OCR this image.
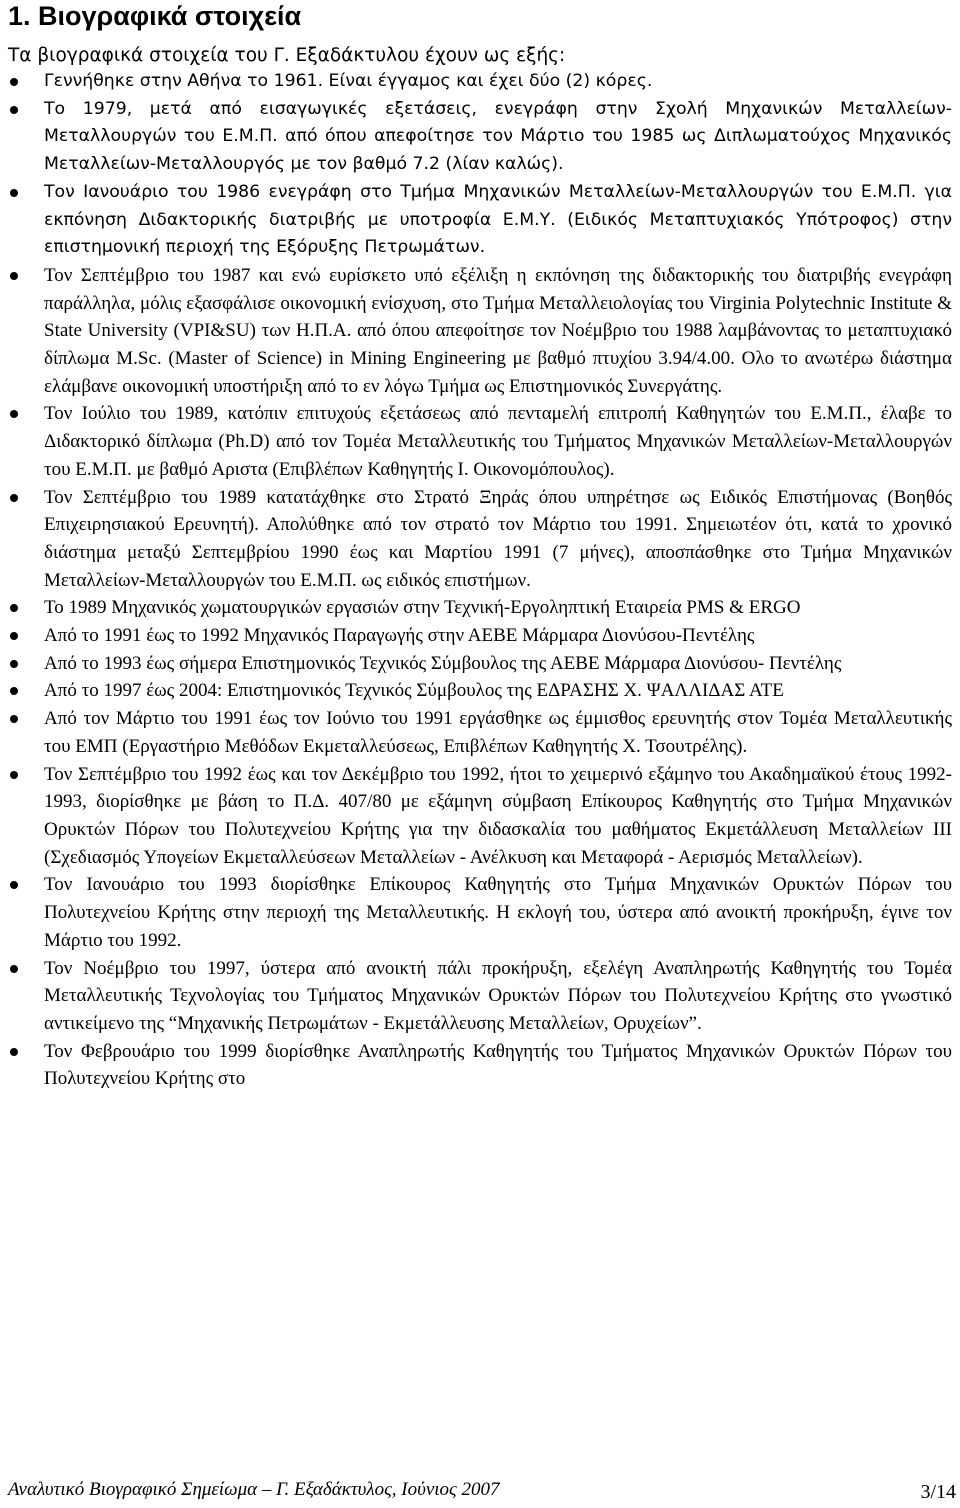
1. Βιογραφικά στοιχεία

Τα βιογραφικά στοιχεία του Γ. Εξαδάκτυλου έχουν ως εξής:

Γεννήθηκε στην Αθήνα το 1961. Είναι έγγαμος και έχει δύο (2) κόρες.
Το 1979, μετά από εισαγωγικές εξετάσεις, ενεγράφη στην Σχολή Μηχανικών Μεταλλείων-Μεταλλουργών του Ε.Μ.Π. από όπου απεφοίτησε τον Μάρτιο του 1985 ως Διπλωματούχος Μηχανικός Μεταλλείων-Μεταλλουργός με τον βαθμό 7.2 (λίαν καλώς).
Τον Ιανουάριο του 1986 ενεγράφη στο Τμήμα Μηχανικών Μεταλλείων-Μεταλλουργών του Ε.Μ.Π. για εκπόνηση Διδακτορικής διατριβής με υποτροφία Ε.Μ.Υ. (Ειδικός Μεταπτυχιακός Υπότροφος) στην επιστημονική περιοχή της Εξόρυξης Πετρωμάτων.
Τον Σεπτέμβριο του 1987 και ενώ ευρίσκετο υπό εξέλιξη η εκπόνηση της διδακτορικής του διατριβής ενεγράφη παράλληλα, μόλις εξασφάλισε οικονομική ενίσχυση, στο Τμήμα Μεταλλειολογίας του Virginia Polytechnic Institute & State University (VPI&SU) των Η.Π.Α. από όπου απεφοίτησε τον Νοέμβριο του 1988 λαμβάνοντας το μεταπτυχιακό δίπλωμα M.Sc. (Master of Science) in Mining Engineering με βαθμό πτυχίου 3.94/4.00. Ολο το ανωτέρω διάστημα ελάμβανε οικονομική υποστήριξη από το εν λόγω Τμήμα ως Επιστημονικός Συνεργάτης.
Τον Ιούλιο του 1989, κατόπιν επιτυχούς εξετάσεως από πενταμελή επιτροπή Καθηγητών του Ε.Μ.Π., έλαβε το Διδακτορικό δίπλωμα (Ph.D) από τον Τομέα Μεταλλευτικής του Τμήματος Μηχανικών Μεταλλείων-Μεταλλουργών του Ε.Μ.Π. με βαθμό Αριστα (Επιβλέπων Καθηγητής Ι. Οικονομόπουλος).
Τον Σεπτέμβριο του 1989 κατατάχθηκε στο Στρατό Ξηράς όπου υπηρέτησε ως Ειδικός Επιστήμονας (Βοηθός Επιχειρησιακού Ερευνητή). Απολύθηκε από τον στρατό τον Μάρτιο του 1991. Σημειωτέον ότι, κατά το χρονικό διάστημα μεταξύ Σεπτεμβρίου 1990 έως και Μαρτίου 1991 (7 μήνες), αποσπάσθηκε στο Τμήμα Μηχανικών Μεταλλείων-Μεταλλουργών του Ε.Μ.Π. ως ειδικός επιστήμων.
Το 1989 Μηχανικός χωματουργικών εργασιών στην Τεχνική-Εργοληπτική Εταιρεία PMS & ERGO
Από το 1991 έως το 1992 Μηχανικός Παραγωγής στην ΑΕΒΕ Μάρμαρα Διονύσου-Πεντέλης
Από το 1993 έως σήμερα Επιστημονικός Τεχνικός Σύμβουλος της ΑΕΒΕ Μάρμαρα Διονύσου- Πεντέλης
Από το 1997 έως 2004: Επιστημονικός Τεχνικός Σύμβουλος της ΕΔΡΑΣΗΣ Χ. ΨΑΛΛΙΔΑΣ ΑΤΕ
Από τον Μάρτιο του 1991 έως τον Ιούνιο του 1991 εργάσθηκε ως έμμισθος ερευνητής στον Τομέα Μεταλλευτικής του ΕΜΠ (Εργαστήριο Μεθόδων Εκμεταλλεύσεως, Επιβλέπων Καθηγητής Χ. Τσουτρέλης).
Τον Σεπτέμβριο του 1992 έως και τον Δεκέμβριο του 1992, ήτοι το χειμερινό εξάμηνο του Ακαδημαϊκού έτους 1992-1993, διορίσθηκε με βάση το Π.Δ. 407/80 με εξάμηνη σύμβαση Επίκουρος Καθηγητής στο Τμήμα Μηχανικών Ορυκτών Πόρων του Πολυτεχνείου Κρήτης για την διδασκαλία του μαθήματος Εκμετάλλευση Μεταλλείων ΙΙΙ (Σχεδιασμός Υπογείων Εκμεταλλεύσεων Μεταλλείων - Ανέλκυση και Μεταφορά - Αερισμός Μεταλλείων).
Τον Ιανουάριο του 1993 διορίσθηκε Επίκουρος Καθηγητής στο Τμήμα Μηχανικών Ορυκτών Πόρων του Πολυτεχνείου Κρήτης στην περιοχή της Μεταλλευτικής. Η εκλογή του, ύστερα από ανοικτή προκήρυξη, έγινε τον Μάρτιο του 1992.
Τον Νοέμβριο του 1997, ύστερα από ανοικτή πάλι προκήρυξη, εξελέγη Αναπληρωτής Καθηγητής του Τομέα Μεταλλευτικής Τεχνολογίας του Τμήματος Μηχανικών Ορυκτών Πόρων του Πολυτεχνείου Κρήτης στο γνωστικό αντικείμενο της “Μηχανικής Πετρωμάτων - Εκμετάλλευσης Μεταλλείων, Ορυχείων”.
Τον Φεβρουάριο του 1999 διορίσθηκε Αναπληρωτής Καθηγητής του Τμήματος Μηχανικών Ορυκτών Πόρων του Πολυτεχνείου Κρήτης στο
Αναλυτικό Βιογραφικό Σημείωμα – Γ. Εξαδάκτυλος, Ιούνιος 2007	3/14
